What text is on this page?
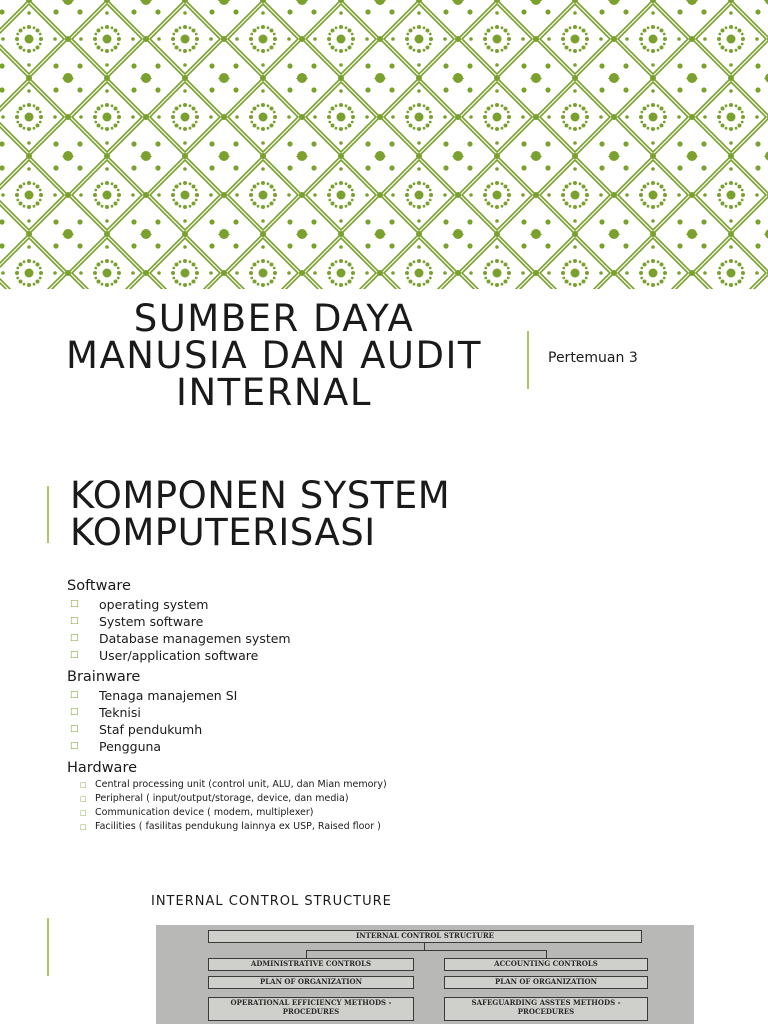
SUMBER DAYA
MANUSIA DAN AUDIT
INTERNAL
Pertemuan 3
KOMPONEN SYSTEM
KOMPUTERISASI

Software

□ operating system
□ System software
□ Database managemen system
□ User/application software

Brainware

□ Tenaga manajemen SI
□ Teknisi
□ Staf pendukumh
□ Pengguna

Hardware

□ Central processing unit (control unit, ALU, dan Mian memory)
□ Peripheral ( input/output/storage, device, dan media)
□ Communication device ( modem, multiplexer)
□ Facilities ( fasilitas pendukung lainnya ex USP, Raised floor )
INTERNAL CONTROL STRUCTURE
INTERNAL CONTROL STRUCTURE
ADMINISTRATIVE CONTROLS	ACCOUNTING CONTROLS
PLAN OF ORGANIZATION	PLAN OF ORGANIZATION
OPERATIONAL EFFICIENCY METHODS - PROCEDURES
SAFEGUARDING ASSTES METHODS - PROCEDURES
